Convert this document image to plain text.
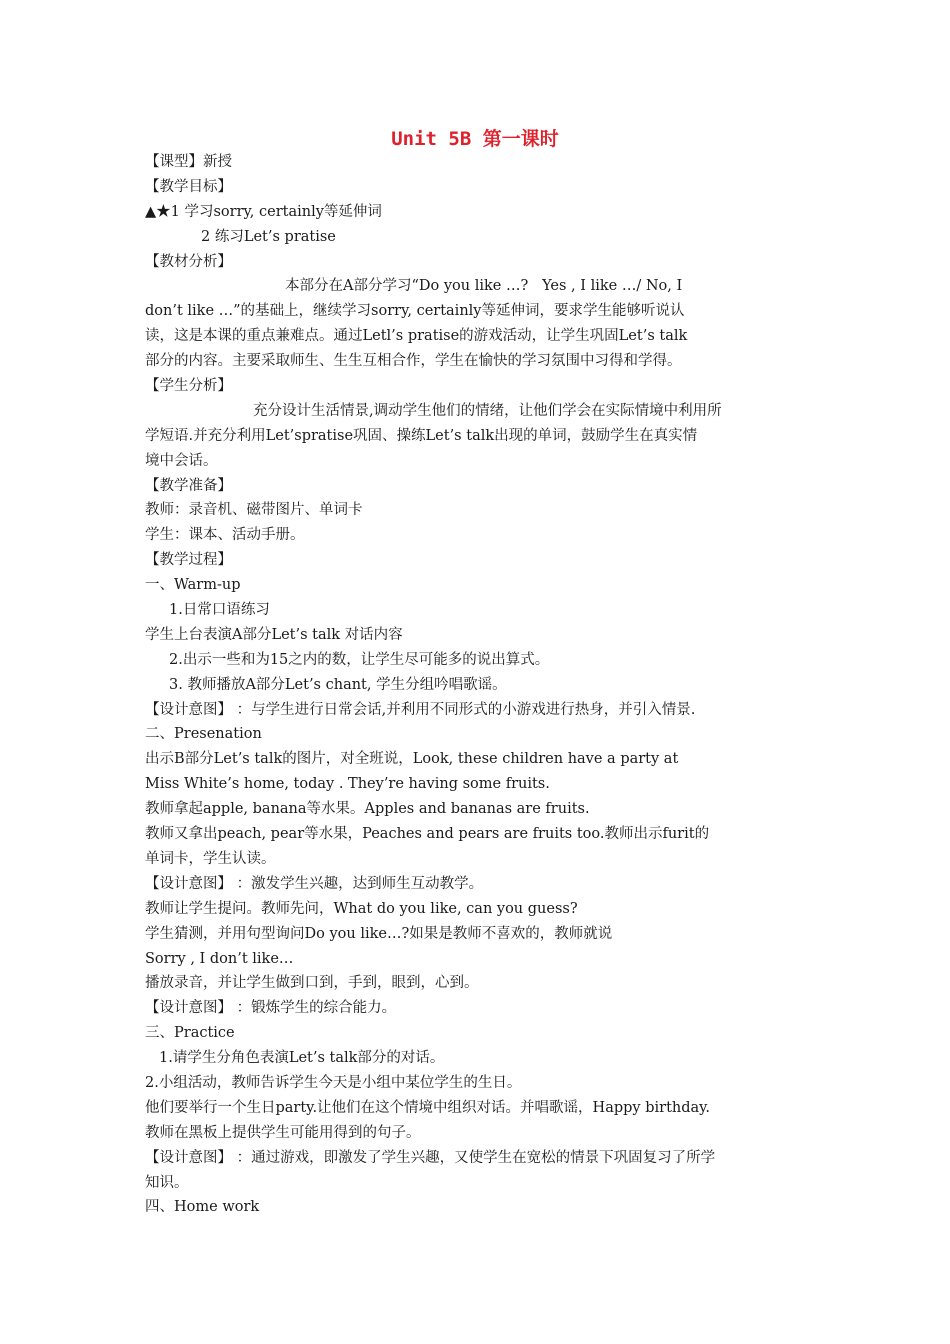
Unit 5B 第一课时
【课型】新授
【教学目标】
▲★1 学习sorry, certainly等延伸词
2 练习Let’s pratise
【教材分析】
本部分在A部分学习“Do you like …?   Yes , I like …/ No, I
don’t like …”的基础上，继续学习sorry, certainly等延伸词，要求学生能够听说认
读，这是本课的重点兼难点。通过Letl’s pratise的游戏活动，让学生巩固Let’s talk
部分的内容。主要采取师生、生生互相合作，学生在愉快的学习氛围中习得和学得。
【学生分析】
充分设计生活情景,调动学生他们的情绪，让他们学会在实际情境中利用所
学短语.并充分利用Let’spratise巩固、操练Let’s talk出现的单词，鼓励学生在真实情
境中会话。
【教学准备】
教师：录音机、磁带图片、单词卡
学生：课本、活动手册。
【教学过程】
一、Warm-up
1.日常口语练习
学生上台表演A部分Let’s talk 对话内容
2.出示一些和为15之内的数，让学生尽可能多的说出算式。
3. 教师播放A部分Let’s chant, 学生分组吟唱歌谣。
【设计意图】 ：与学生进行日常会话,并利用不同形式的小游戏进行热身，并引入情景.
二、Presenation
出示B部分Let’s talk的图片，对全班说，Look, these children have a party at
Miss White’s home, today . They’re having some fruits.
教师拿起apple, banana等水果。Apples and bananas are fruits.
教师又拿出peach, pear等水果，Peaches and pears are fruits too.教师出示furit的
单词卡，学生认读。
【设计意图】 ：激发学生兴趣，达到师生互动教学。
教师让学生提问。教师先问，What do you like, can you guess?
学生猜测，并用句型询问Do you like…?如果是教师不喜欢的，教师就说
Sorry , I don’t like…
播放录音，并让学生做到口到，手到，眼到，心到。
【设计意图】 ：锻炼学生的综合能力。
三、Practice
1.请学生分角色表演Let’s talk部分的对话。
2.小组活动，教师告诉学生今天是小组中某位学生的生日。
他们要举行一个生日party.让他们在这个情境中组织对话。并唱歌谣，Happy birthday.
教师在黑板上提供学生可能用得到的句子。
【设计意图】 ：通过游戏，即激发了学生兴趣，又使学生在宽松的情景下巩固复习了所学
知识。
四、Home work
